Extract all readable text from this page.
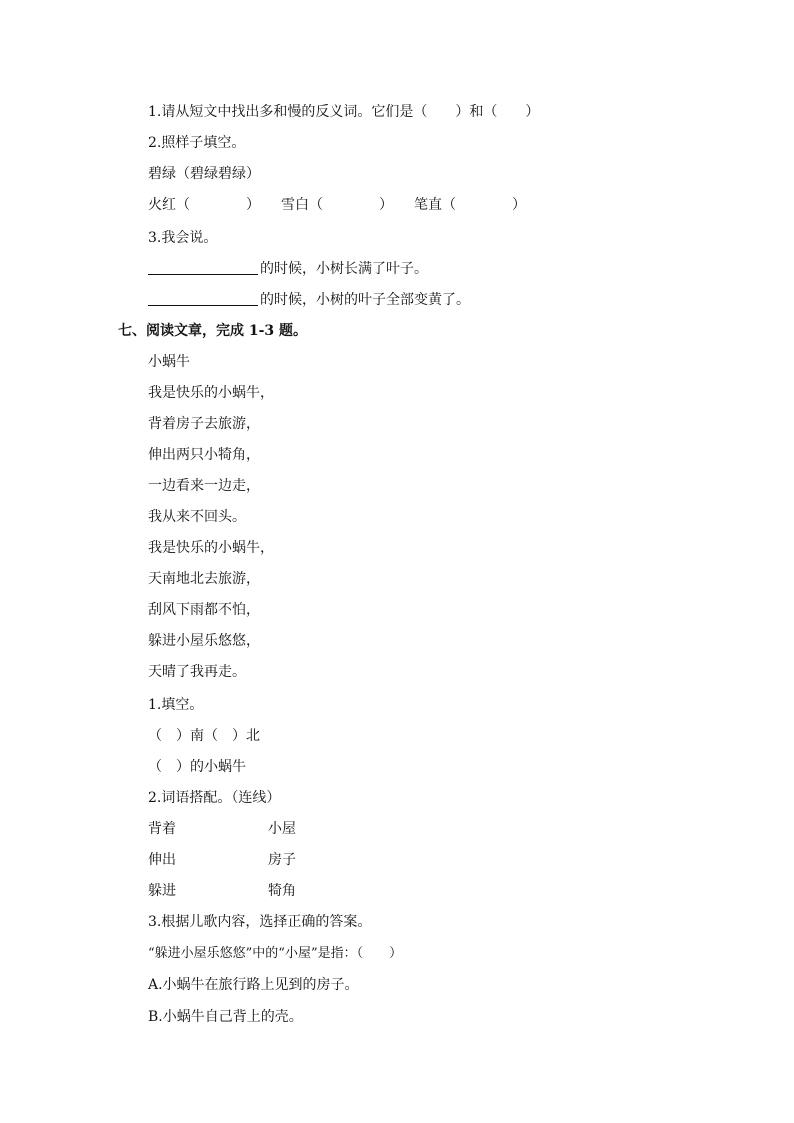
1.请从短文中找出多和慢的反义词。它们是（　　）和（　　）
2.照样子填空。
碧绿（碧绿碧绿）
火红（　　　　）　　雪白（　　　　）　　笔直（　　　　）
3.我会说。
的时候，小树长满了叶子。
的时候，小树的叶子全部变黄了。
七、阅读文章，完成 1-3 题。
小蜗牛
我是快乐的小蜗牛，
背着房子去旅游，
伸出两只小犄角，
一边看来一边走，
我从来不回头。
我是快乐的小蜗牛，
天南地北去旅游，
刮风下雨都不怕，
躲进小屋乐悠悠，
天晴了我再走。
1.填空。
（　）南（　）北
（　）的小蜗牛
2.词语搭配。（连线）
背着	小屋
伸出	房子
躲进	犄角
3.根据儿歌内容，选择正确的答案。
“躲进小屋乐悠悠”中的“小屋”是指：（　　）
A.小蜗牛在旅行路上见到的房子。
B.小蜗牛自己背上的壳。
